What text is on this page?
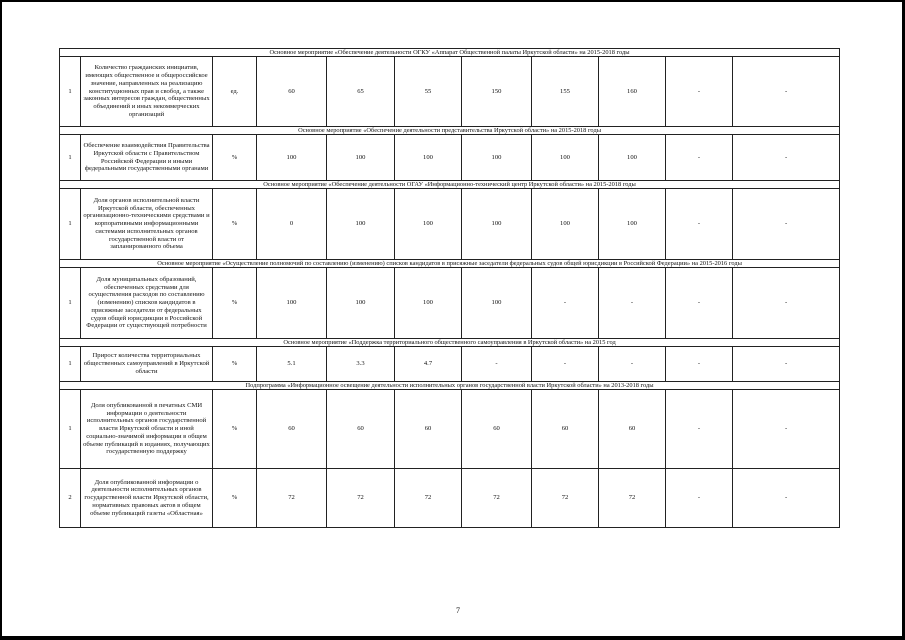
Основное мероприятие «Обеспечение деятельности ОГКУ «Аппарат Общественной палаты Иркутской области» на 2015-2018 годы										
1	Количество гражданских инициатив, имеющих общественное и общероссийское значение, направленных на реализацию конституционных прав и свобод, а также законных интересов граждан, общественных объединений и иных некоммерческих организаций	ед.	60	65	55	150	155	160	-	-
Основное мероприятие «Обеспечение деятельности представительства Иркутской области» на 2015-2018 годы										
1	Обеспечение взаимодействия Правительства Иркутской области с Правительством Российской Федерации и иными федеральными государственными органами	%	100	100	100	100	100	100	-	-
Основное мероприятие «Обеспечение деятельности ОГАУ «Информационно-технический центр Иркутской области» на 2015-2018 годы										
1	Доля органов исполнительной власти Иркутской области, обеспеченных организационно-техническими средствами и корпоративными информационными системами исполнительных органов государственной власти от запланированного объема	%	0	100	100	100	100	100	-	-
Основное мероприятие «Осуществление полномочий по составлению (изменению) списков кандидатов в присяжные заседатели федеральных судов общей юрисдикции в Российской Федерации» на 2015-2016 годы										
1	Доля муниципальных образований, обеспеченных средствами для осуществления расходов по составлению (изменению) списков кандидатов в присяжные заседатели от федеральных судов общей юрисдикции в Российской Федерации от существующей потребности	%	100	100	100	100	-	-	-	-
Основное мероприятие «Поддержка территориального общественного самоуправления в Иркутской области» на 2015 год										
1	Прирост количества территориальных общественных самоуправлений в Иркутской области	%	5.1	3.3	4.7	-	-	-	-	-
Подпрограмма «Информационное освещение деятельности исполнительных органов государственной власти Иркутской области» на 2013-2018 годы										
1	Доля опубликованной в печатных СМИ информации о деятельности исполнительных органов государственной власти Иркутской области и иной социально-значимой информации в общем объеме публикаций в изданиях, получающих государственную поддержку	%	60	60	60	60	60	60	-	-
2	Доля опубликованной информации о деятельности исполнительных органов государственной власти Иркутской области, нормативных правовых актов в общем объеме публикаций газеты «Областная»	%	72	72	72	72	72	72	-	-
7
